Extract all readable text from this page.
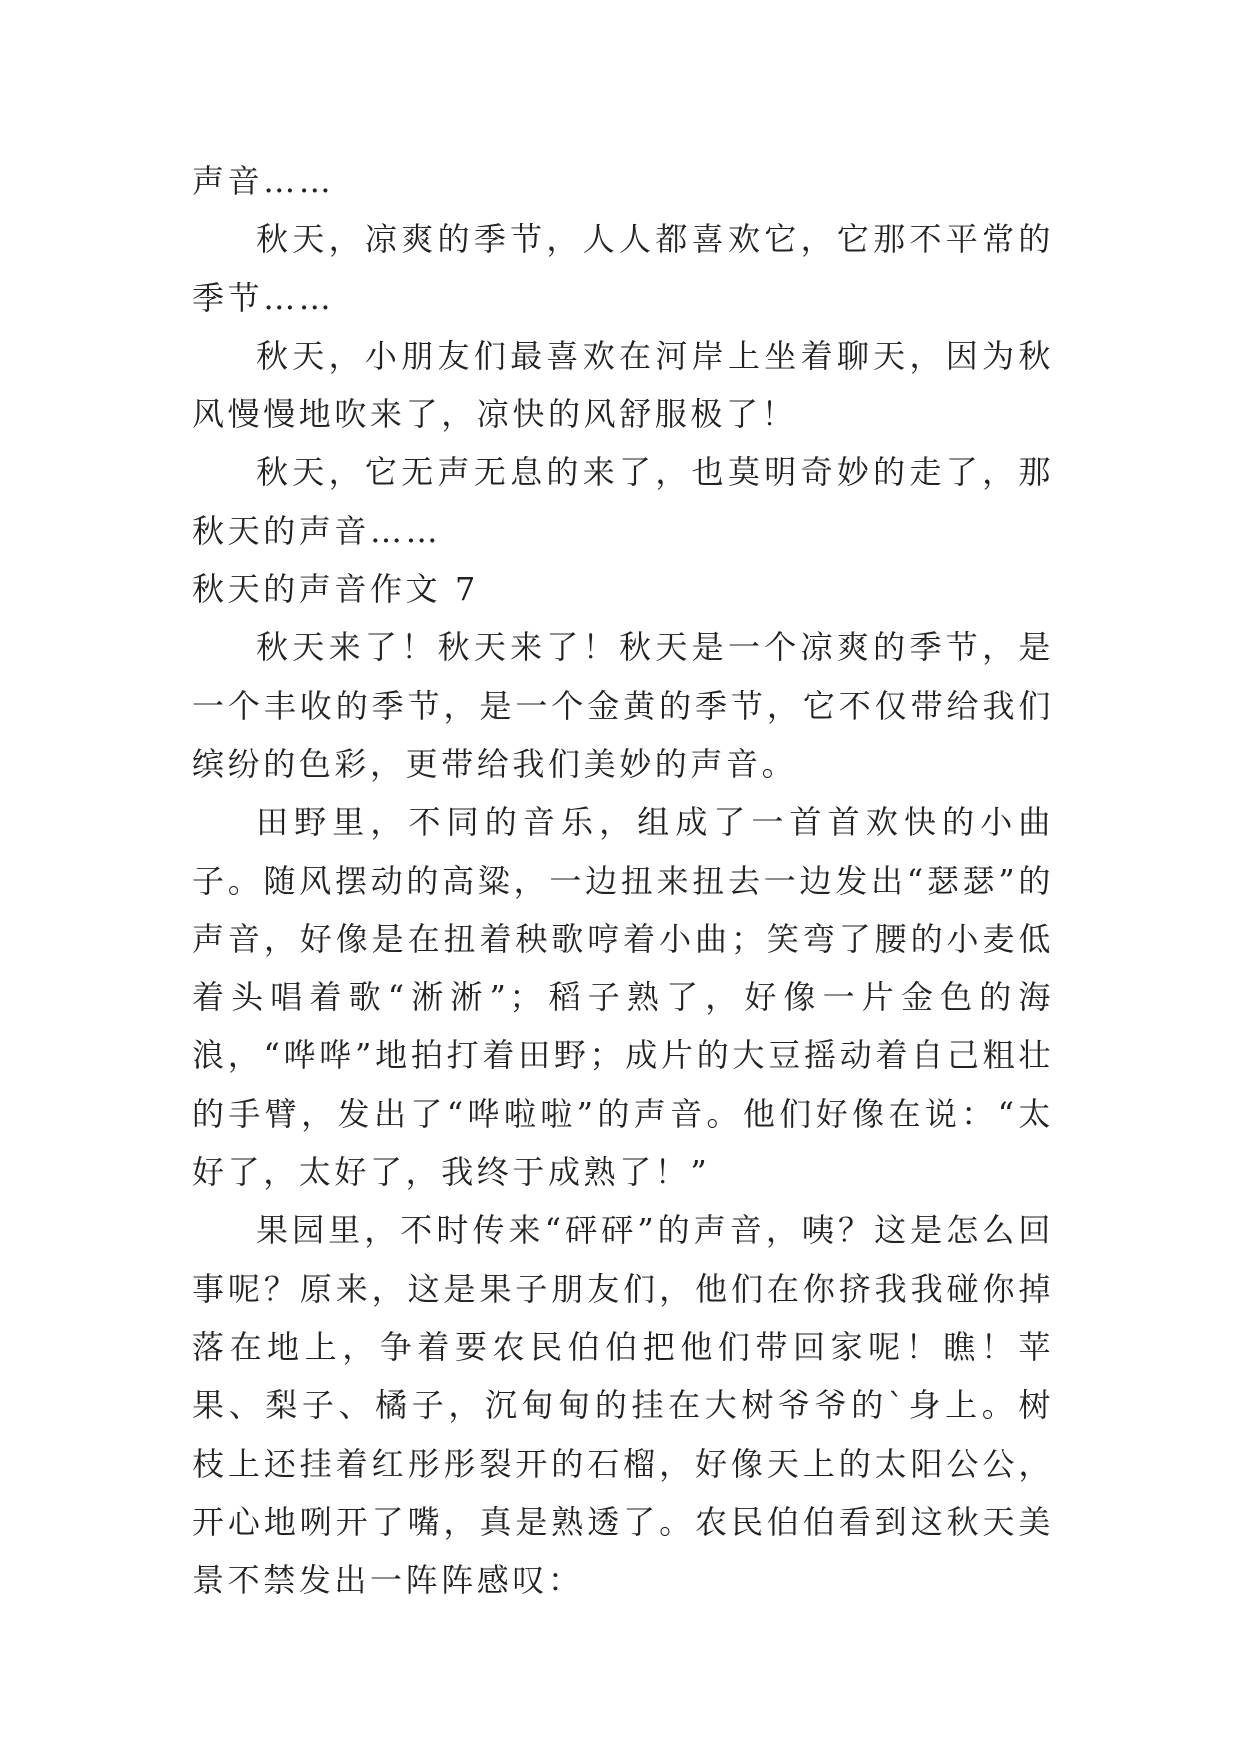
声音……

秋天，凉爽的季节，人人都喜欢它，它那不平常的季节……

秋天，小朋友们最喜欢在河岸上坐着聊天，因为秋风慢慢地吹来了，凉快的风舒服极了！

秋天，它无声无息的来了，也莫明奇妙的走了，那秋天的声音……

秋天的声音作文 7

秋天来了！秋天来了！秋天是一个凉爽的季节，是一个丰收的季节，是一个金黄的季节，它不仅带给我们缤纷的色彩，更带给我们美妙的声音。

田野里，不同的音乐，组成了一首首欢快的小曲子。随风摆动的高粱，一边扭来扭去一边发出“瑟瑟”的声音，好像是在扭着秧歌哼着小曲；笑弯了腰的小麦低着头唱着歌“淅淅”；稻子熟了，好像一片金色的海浪，“哗哗”地拍打着田野；成片的大豆摇动着自己粗壮的手臂，发出了“哗啦啦”的声音。他们好像在说：“太好了，太好了，我终于成熟了！”

果园里，不时传来“砰砰”的声音，咦？这是怎么回事呢？原来，这是果子朋友们，他们在你挤我我碰你掉落在地上，争着要农民伯伯把他们带回家呢！瞧！苹果、梨子、橘子，沉甸甸的挂在大树爷爷的`身上。树枝上还挂着红彤彤裂开的石榴，好像天上的太阳公公，开心地咧开了嘴，真是熟透了。农民伯伯看到这秋天美景不禁发出一阵阵感叹：
